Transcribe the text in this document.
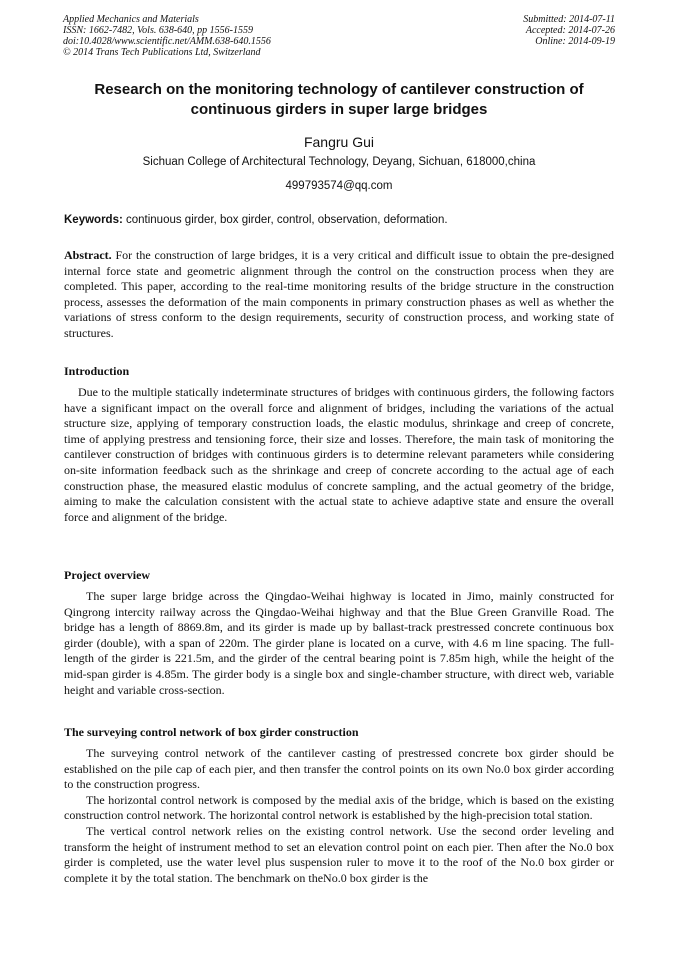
Applied Mechanics and Materials
ISSN: 1662-7482, Vols. 638-640, pp 1556-1559
doi:10.4028/www.scientific.net/AMM.638-640.1556
© 2014 Trans Tech Publications Ltd, Switzerland
Submitted: 2014-07-11
Accepted: 2014-07-26
Online: 2014-09-19
Research on the monitoring technology of cantilever construction of continuous girders in super large bridges
Fangru Gui
Sichuan College of Architectural Technology, Deyang, Sichuan, 618000,china
499793574@qq.com
Keywords: continuous girder, box girder, control, observation, deformation.

Abstract. For the construction of large bridges, it is a very critical and difficult issue to obtain the pre-designed internal force state and geometric alignment through the control on the construction process when they are completed. This paper, according to the real-time monitoring results of the bridge structure in the construction process, assesses the deformation of the main components in primary construction phases as well as whether the variations of stress conform to the design requirements, security of construction process, and working state of structures.

Introduction

Due to the multiple statically indeterminate structures of bridges with continuous girders, the following factors have a significant impact on the overall force and alignment of bridges, including the variations of the actual structure size, applying of temporary construction loads, the elastic modulus, shrinkage and creep of concrete, time of applying prestress and tensioning force, their size and losses. Therefore, the main task of monitoring the cantilever construction of bridges with continuous girders is to determine relevant parameters while considering on-site information feedback such as the shrinkage and creep of concrete according to the actual age of each construction phase, the measured elastic modulus of concrete sampling, and the actual geometry of the bridge, aiming to make the calculation consistent with the actual state to achieve adaptive state and ensure the overall force and alignment of the bridge.

Project overview

The super large bridge across the Qingdao-Weihai highway is located in Jimo, mainly constructed for Qingrong intercity railway across the Qingdao-Weihai highway and that the Blue Green Granville Road. The bridge has a length of 8869.8m, and its girder is made up by ballast-track prestressed concrete continuous box girder (double), with a span of 220m. The girder plane is located on a curve, with 4.6 m line spacing. The full-length of the girder is 221.5m, and the girder of the central bearing point is 7.85m high, while the height of the mid-span girder is 4.85m. The girder body is a single box and single-chamber structure, with direct web, variable height and variable cross-section.

The surveying control network of box girder construction

The surveying control network of the cantilever casting of prestressed concrete box girder should be established on the pile cap of each pier, and then transfer the control points on its own No.0 box girder according to the construction progress.

The horizontal control network is composed by the medial axis of the bridge, which is based on the existing construction control network. The horizontal control network is established by the high-precision total station.

The vertical control network relies on the existing control network. Use the second order leveling and transform the height of instrument method to set an elevation control point on each pier. Then after the No.0 box girder is completed, use the water level plus suspension ruler to move it to the roof of the No.0 box girder or complete it by the total station. The benchmark on theNo.0 box girder is the
